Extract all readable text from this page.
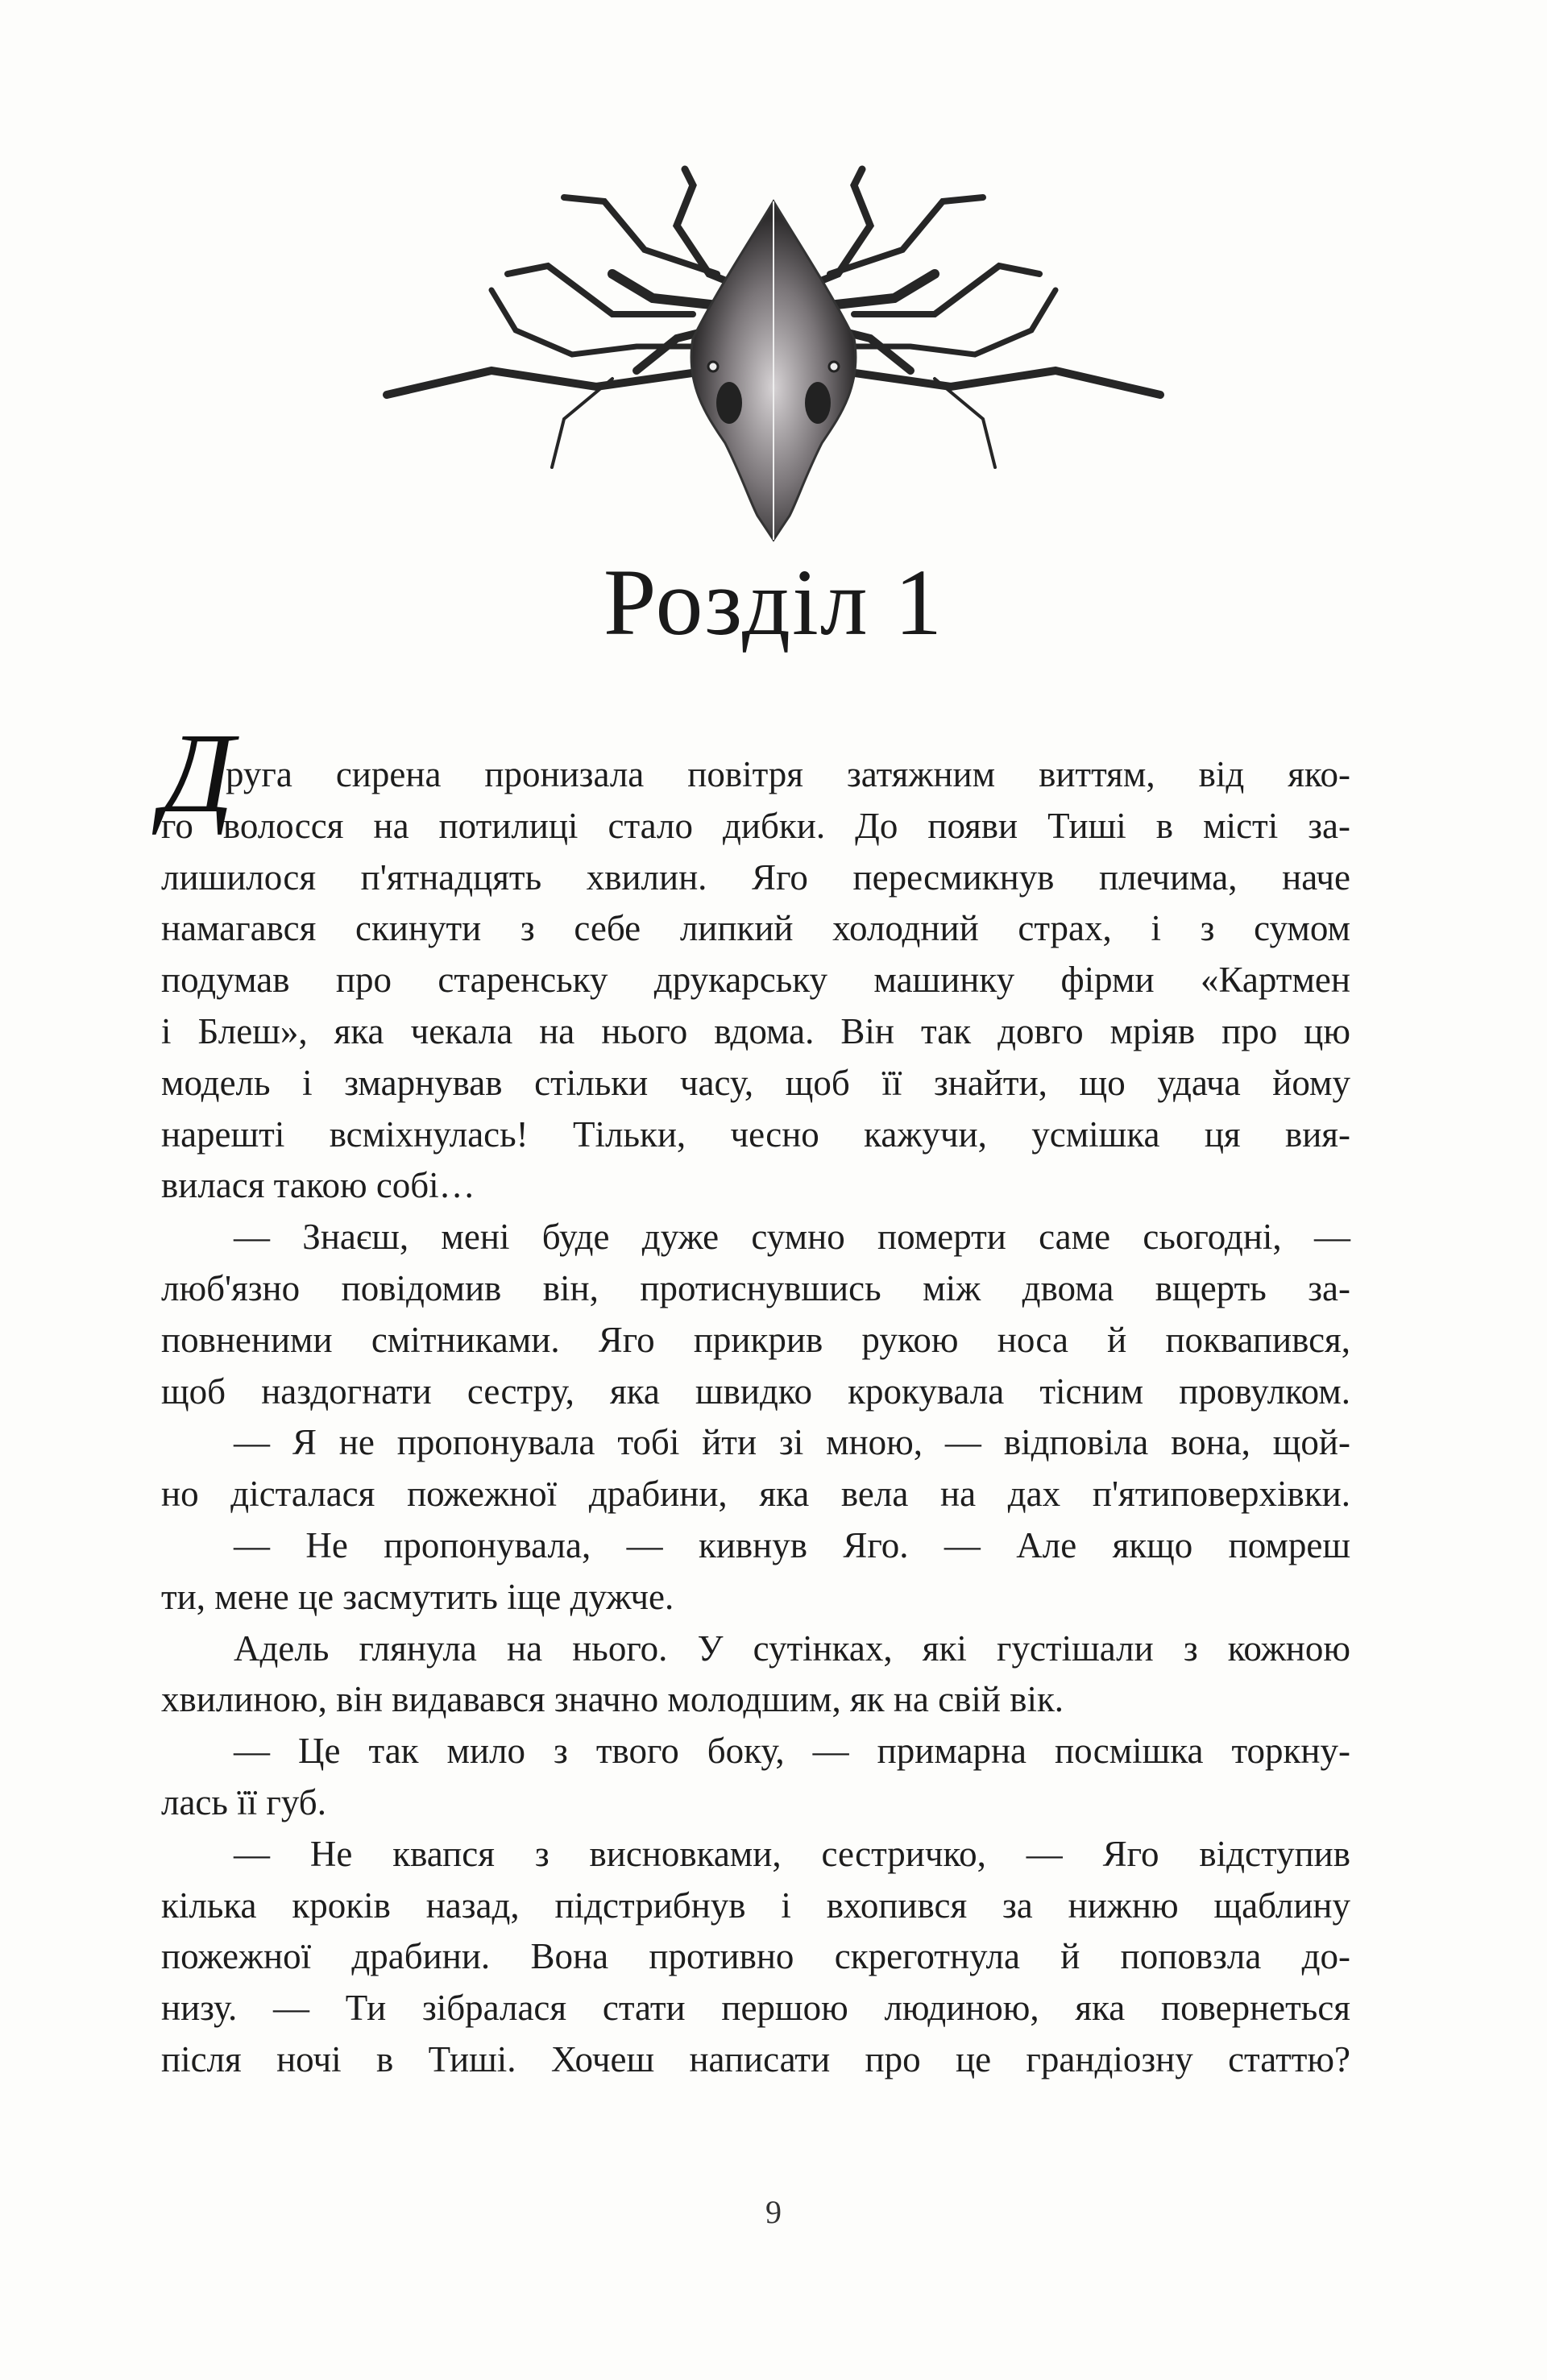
Розділ 1
Д
руга сирена пронизала повітря затяжним виттям, від яко-
го волосся на потилиці стало дибки. До появи Тиші в місті за-
лишилося п'ятнадцять хвилин. Яго пересмикнув плечима, наче
намагався скинути з себе липкий холодний страх, і з сумом
подумав про старенську друкарську машинку фірми «Картмен
і Блеш», яка чекала на нього вдома. Він так довго мріяв про цю
модель і змарнував стільки часу, щоб її знайти, що удача йому
нарешті всміхнулась! Тільки, чесно кажучи, усмішка ця вия-
вилася такою собі…
— Знаєш, мені буде дуже сумно померти саме сьогодні, —
люб'язно повідомив він, протиснувшись між двома вщерть за-
повненими смітниками. Яго прикрив рукою носа й поквапився,
щоб наздогнати сестру, яка швидко крокувала тісним провулком.
— Я не пропонувала тобі йти зі мною, — відповіла вона, щой-
но дісталася пожежної драбини, яка вела на дах п'ятиповерхівки.
— Не пропонувала, — кивнув Яго. — Але якщо помреш
ти, мене це засмутить іще дужче.
Адель глянула на нього. У сутінках, які густішали з кожною
хвилиною, він видавався значно молодшим, як на свій вік.
— Це так мило з твого боку, — примарна посмішка торкну-
лась її губ.
— Не квапся з висновками, сестричко, — Яго відступив
кілька кроків назад, підстрибнув і вхопився за нижню щаблину
пожежної драбини. Вона противно скреготнула й поповзла до-
низу. — Ти зібралася стати першою людиною, яка повернеться
після ночі в Тиші. Хочеш написати про це грандіозну статтю?
9
